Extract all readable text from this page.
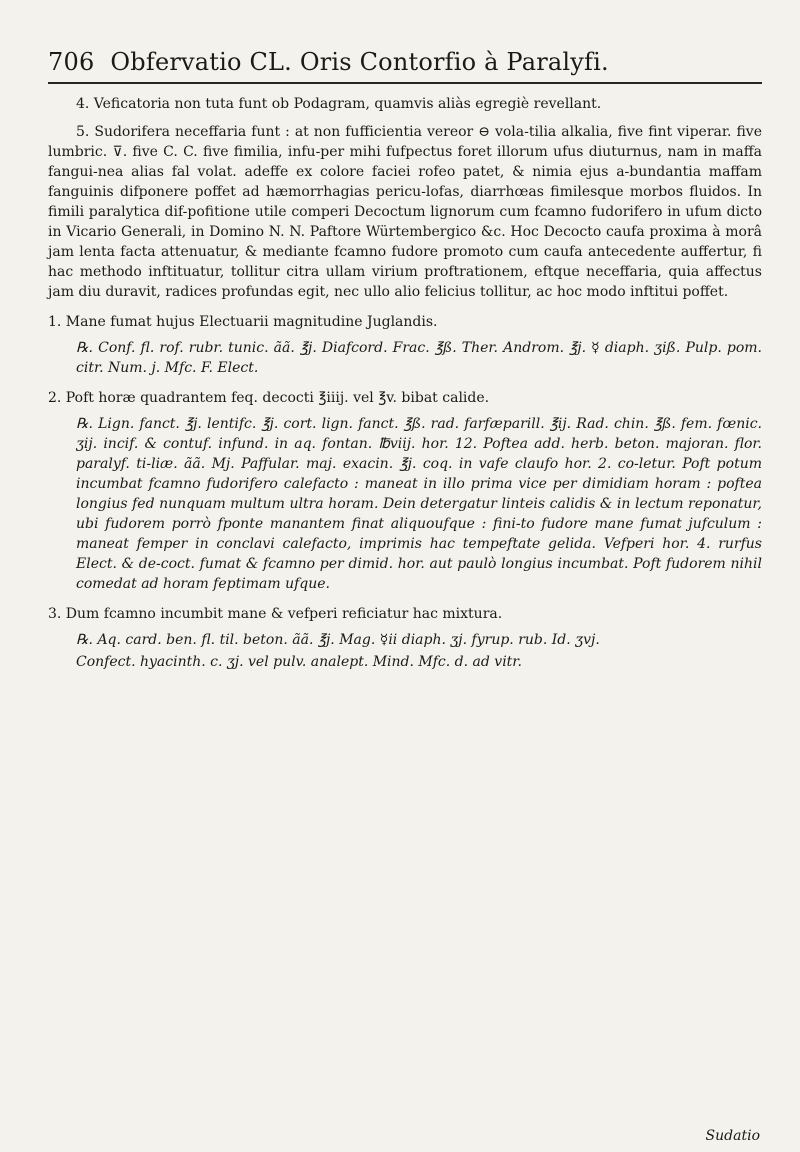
706 Obfervatio CL. Oris Contorfio à Paralyfi.

4. Veficatoria non tuta funt ob Podagram, quamvis aliàs egregiè revellant.

5. Sudorifera neceffaria funt : at non fufficientia vereor ⊖ vola-tilia alkalia, five fint viperar. five lumbric. ⊽. five C. C. five fimilia, infu-per mihi fufpectus foret illorum ufus diuturnus, nam in maffa fangui-nea alias fal volat. adeffe ex colore faciei rofeo patet, & nimia ejus a-bundantia maffam fanguinis difponere poffet ad hæmorrhagias pericu-lofas, diarrhœas fimilesque morbos fluidos. In fimili paralytica dif-pofitione utile comperi Decoctum lignorum cum fcamno fudorifero in ufum dicto in Vicario Generali, in Domino N. N. Paftore Würtembergico &c. Hoc Decocto caufa proxima à morâ jam lenta facta attenuatur, & mediante fcamno fudore promoto cum caufa antecedente auffertur, fi hac methodo inftituatur, tollitur citra ullam virium proftrationem, eftque neceffaria, quia affectus jam diu duravit, radices profundas egit, nec ullo alio felicius tollitur, ac hoc modo inftitui poffet.

1. Mane fumat hujus Electuarii magnitudine Juglandis.

℞. Conf. fl. rof. rubr. tunic. ãã. ℥j. Diafcord. Frac. ℥ß. Ther. Androm. ℥j. ☿ diaph. ʒiß. Pulp. pom. citr. Num. j. Mfc. F. Elect.

2. Poft horæ quadrantem feq. decocti ℥iiij. vel ℥v. bibat calide.

℞. Lign. fanct. ℥j. lentifc. ℥j. cort. lign. fanct. ℥ß. rad. farfæparill. ℥ij. Rad. chin. ℥ß. fem. fœnic. ʒij. incif. & contuf. infund. in aq. fontan. ℔viij. hor. 12. Poftea add. herb. beton. majoran. flor. paralyf. ti-liæ. ãã. Mj. Paffular. maj. exacin. ℥j. coq. in vafe claufo hor. 2. co-letur. Poft potum incumbat fcamno fudorifero calefacto : maneat in illo prima vice per dimidiam horam : poftea longius fed nunquam multum ultra horam. Dein detergatur linteis calidis & in lectum reponatur, ubi fudorem porrò fponte manantem finat aliquoufque : fini-to fudore mane fumat jufculum : maneat femper in conclavi calefacto, imprimis hac tempeftate gelida. Vefperi hor. 4. rurfus Elect. & de-coct. fumat & fcamno per dimid. hor. aut paulò longius incumbat. Poft fudorem nihil comedat ad horam feptimam ufque.

3. Dum fcamno incumbit mane & vefperi reficiatur hac mixtura.

℞. Aq. card. ben. fl. til. beton. ãã. ℥j. Mag. ☿ii diaph. ʒj. fyrup. rub. Id. ʒvj.

Confect. hyacinth. c. ʒj. vel pulv. analept. Mind. Mfc. d. ad vitr.

Sudatio
